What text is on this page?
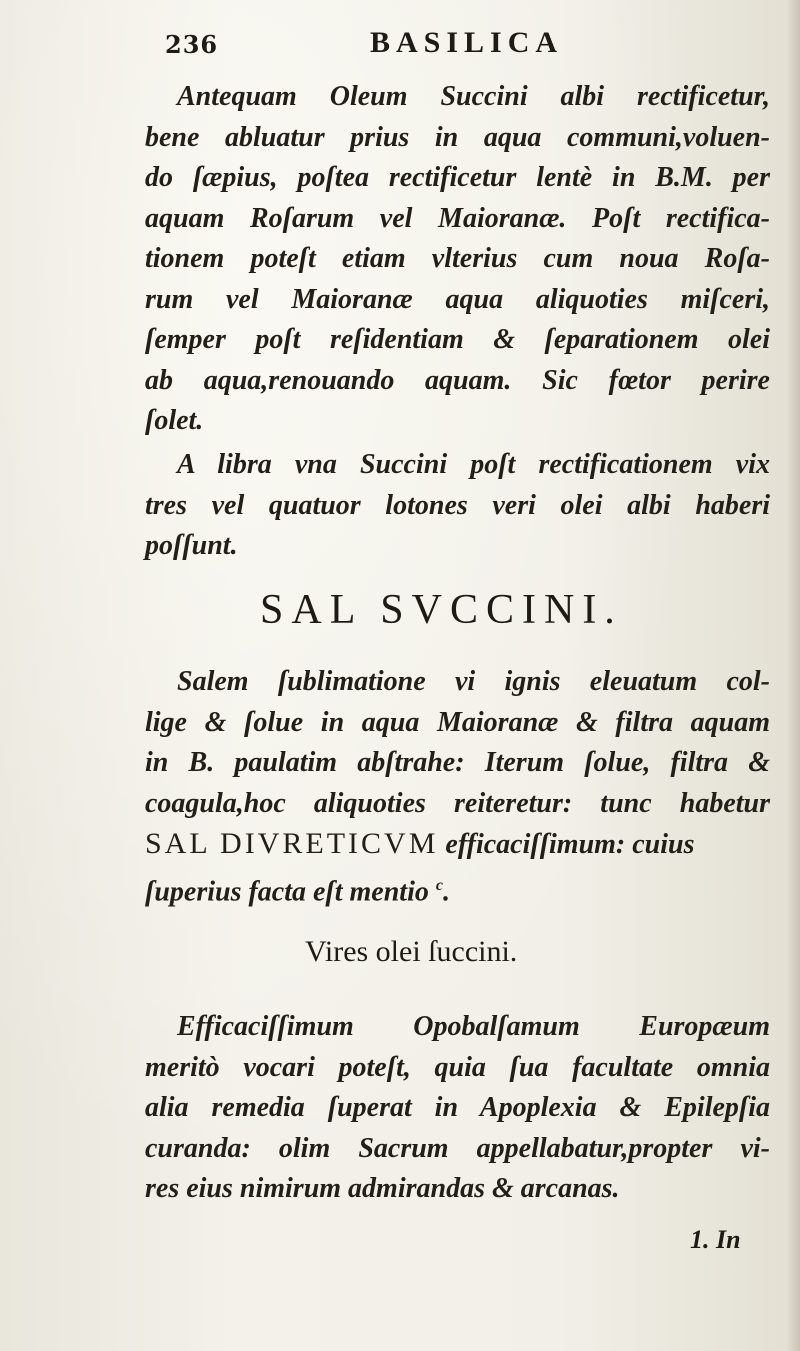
236	BASILICA
Antequam Oleum Succini albi rectificetur,
bene abluatur prius in aqua communi,voluen-
do ſæpius, poſtea rectificetur lentè in B.M. per
aquam Roſarum vel Maioranæ. Poſt rectifica-
tionem poteſt etiam vlterius cum noua Roſa-
rum vel Maioranæ aqua aliquoties miſceri,
ſemper poſt reſidentiam & ſeparationem olei
ab aqua,renouando aquam. Sic fœtor perire
ſolet.
A libra vna Succini poſt rectificationem vix
tres vel quatuor lotones veri olei albi haberi
poſſunt.
SAL SVCCINI.
Salem ſublimatione vi ignis eleuatum col-
lige & ſolue in aqua Maioranæ & filtra aquam
in B. paulatim abſtrahe: Iterum ſolue, filtra &
coagula,hoc aliquoties reiteretur: tunc habetur
SAL DIVRETICVM efficaciſſimum: cuius
ſuperius facta eſt mentio $^c$.
Vires olei ſuccini.
Efficaciſſimum Opobalſamum Europæum
meritò vocari poteſt, quia ſua facultate omnia
alia remedia ſuperat in Apoplexia & Epilepſia
curanda: olim Sacrum appellabatur,propter vi-
res eius nimirum admirandas & arcanas.
1. In
